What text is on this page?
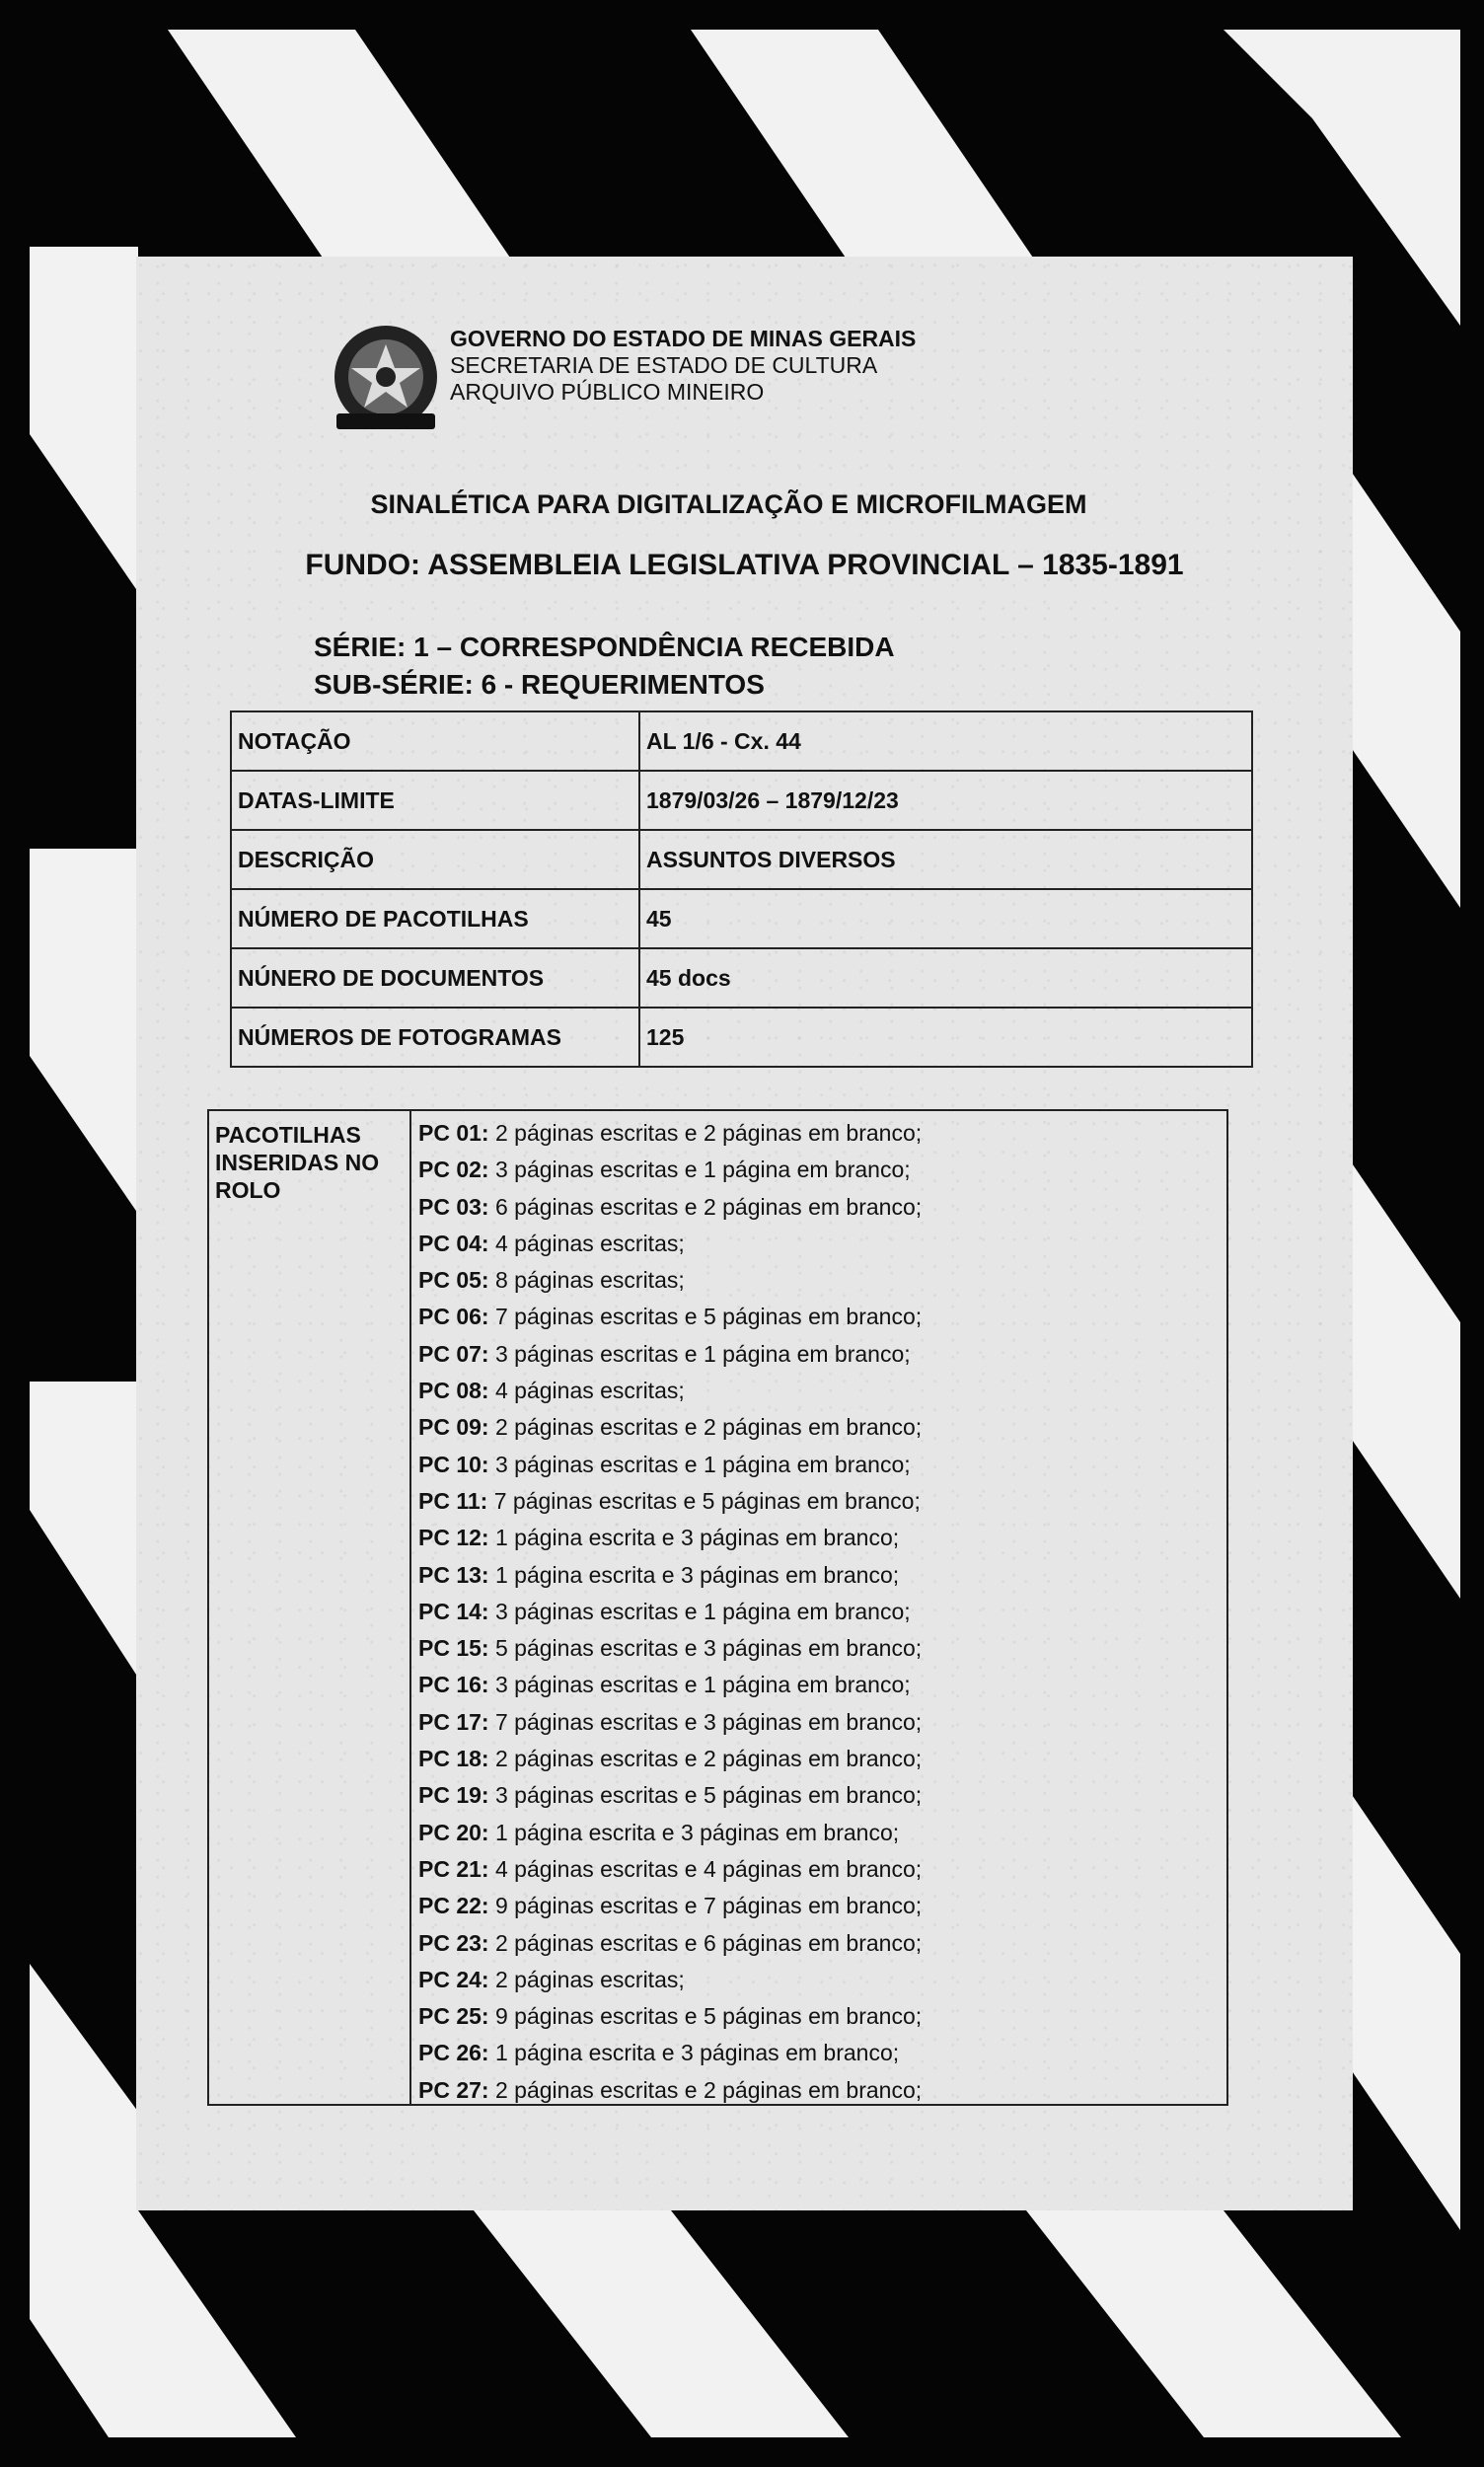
GOVERNO DO ESTADO DE MINAS GERAIS
SECRETARIA DE ESTADO DE CULTURA
ARQUIVO PÚBLICO MINEIRO
SINALÉTICA PARA DIGITALIZAÇÃO E MICROFILMAGEM
FUNDO: ASSEMBLEIA LEGISLATIVA PROVINCIAL – 1835-1891
SÉRIE: 1 – CORRESPONDÊNCIA RECEBIDA
SUB-SÉRIE: 6 - REQUERIMENTOS
NOTAÇÃO	AL 1/6 - Cx. 44
DATAS-LIMITE	1879/03/26 – 1879/12/23
DESCRIÇÃO	ASSUNTOS DIVERSOS
NÚMERO DE PACOTILHAS	45
NÚNERO DE DOCUMENTOS	45 docs
NÚMEROS DE FOTOGRAMAS	125
PACOTILHAS INSERIDAS NO ROLO
PC 01: 2 páginas escritas e 2 páginas em branco;
PC 02: 3 páginas escritas e 1 página em branco;
PC 03: 6 páginas escritas e 2 páginas em branco;
PC 04: 4 páginas escritas;
PC 05: 8 páginas escritas;
PC 06: 7 páginas escritas e 5 páginas em branco;
PC 07: 3 páginas escritas e 1 página em branco;
PC 08: 4 páginas escritas;
PC 09: 2 páginas escritas e 2 páginas em branco;
PC 10: 3 páginas escritas e 1 página em branco;
PC 11: 7 páginas escritas e 5 páginas em branco;
PC 12: 1 página escrita e 3 páginas em branco;
PC 13: 1 página escrita e 3 páginas em branco;
PC 14: 3 páginas escritas e 1 página em branco;
PC 15: 5 páginas escritas e 3 páginas em branco;
PC 16: 3 páginas escritas e 1 página em branco;
PC 17: 7 páginas escritas e 3 páginas em branco;
PC 18: 2 páginas escritas e 2 páginas em branco;
PC 19: 3 páginas escritas e 5 páginas em branco;
PC 20: 1 página escrita e 3 páginas em branco;
PC 21: 4 páginas escritas e 4 páginas em branco;
PC 22: 9 páginas escritas e 7 páginas em branco;
PC 23: 2 páginas escritas e 6 páginas em branco;
PC 24: 2 páginas escritas;
PC 25: 9 páginas escritas e 5 páginas em branco;
PC 26: 1 página escrita e 3 páginas em branco;
PC 27: 2 páginas escritas e 2 páginas em branco;
